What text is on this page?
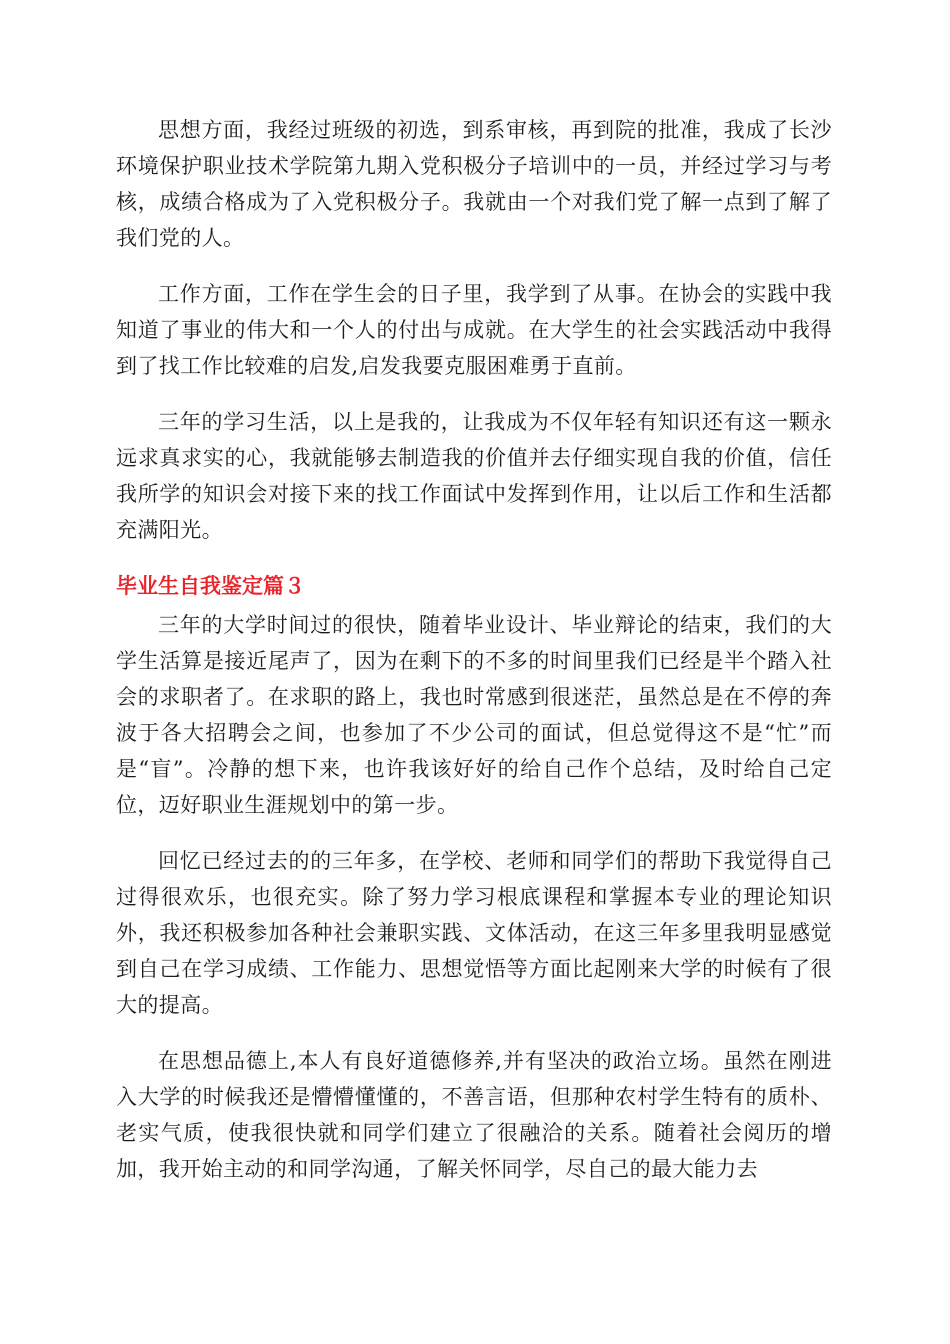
思想方面，我经过班级的初选，到系审核，再到院的批准，我成了长沙环境保护职业技术学院第九期入党积极分子培训中的一员，并经过学习与考核，成绩合格成为了入党积极分子。我就由一个对我们党了解一点到了解了我们党的人。

工作方面，工作在学生会的日子里，我学到了从事。在协会的实践中我知道了事业的伟大和一个人的付出与成就。在大学生的社会实践活动中我得到了找工作比较难的启发,启发我要克服困难勇于直前。

三年的学习生活，以上是我的，让我成为不仅年轻有知识还有这一颗永远求真求实的心，我就能够去制造我的价值并去仔细实现自我的价值，信任我所学的知识会对接下来的找工作面试中发挥到作用，让以后工作和生活都充满阳光。

毕业生自我鉴定篇３

三年的大学时间过的很快，随着毕业设计、毕业辩论的结束，我们的大学生活算是接近尾声了，因为在剩下的不多的时间里我们已经是半个踏入社会的求职者了。在求职的路上，我也时常感到很迷茫，虽然总是在不停的奔波于各大招聘会之间，也参加了不少公司的面试，但总觉得这不是“忙”而是“盲”。冷静的想下来，也许我该好好的给自己作个总结，及时给自己定位，迈好职业生涯规划中的第一步。

回忆已经过去的的三年多，在学校、老师和同学们的帮助下我觉得自己过得很欢乐，也很充实。除了努力学习根底课程和掌握本专业的理论知识外，我还积极参加各种社会兼职实践、文体活动，在这三年多里我明显感觉到自己在学习成绩、工作能力、思想觉悟等方面比起刚来大学的时候有了很大的提高。

在思想品德上,本人有良好道德修养,并有坚决的政治立场。虽然在刚进入大学的时候我还是懵懵懂懂的，不善言语，但那种农村学生特有的质朴、老实气质，使我很快就和同学们建立了很融洽的关系。随着社会阅历的增加，我开始主动的和同学沟通，了解关怀同学，尽自己的最大能力去
